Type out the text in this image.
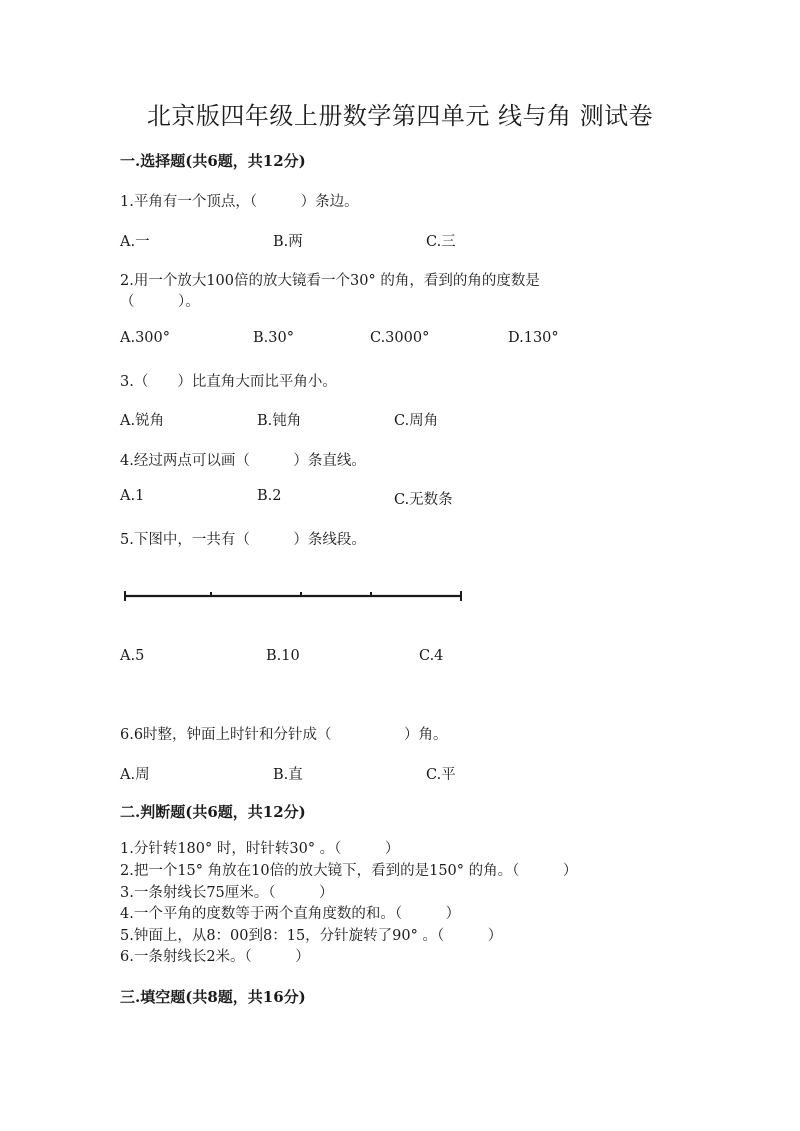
北京版四年级上册数学第四单元 线与角 测试卷
一.选择题(共6题，共12分)
1.平角有一个顶点，（　　　）条边。
A.一	B.两	C.三
2.用一个放大100倍的放大镜看一个30° 的角，看到的角的度数是
（　　　）。
A.300°	B.30°	C.3000°	D.130°
3.（　　）比直角大而比平角小。
A.锐角	B.钝角	C.周角
4.经过两点可以画（　　　）条直线。
A.1	B.2	C.无数条
5.下图中，一共有（　　　）条线段。
A.5	B.10	C.4
6.6时整，钟面上时针和分针成（　　　　　）角。
A.周	B.直	C.平
二.判断题(共6题，共12分)
1.分针转180° 时，时针转30° 。（　　　）
2.把一个15° 角放在10倍的放大镜下，看到的是150° 的角。（　　　）
3.一条射线长75厘米。（　　　）
4.一个平角的度数等于两个直角度数的和。（　　　）
5.钟面上，从8：00到8：15，分针旋转了90° 。（　　　）
6.一条射线长2米。（　　　）
三.填空题(共8题，共16分)
